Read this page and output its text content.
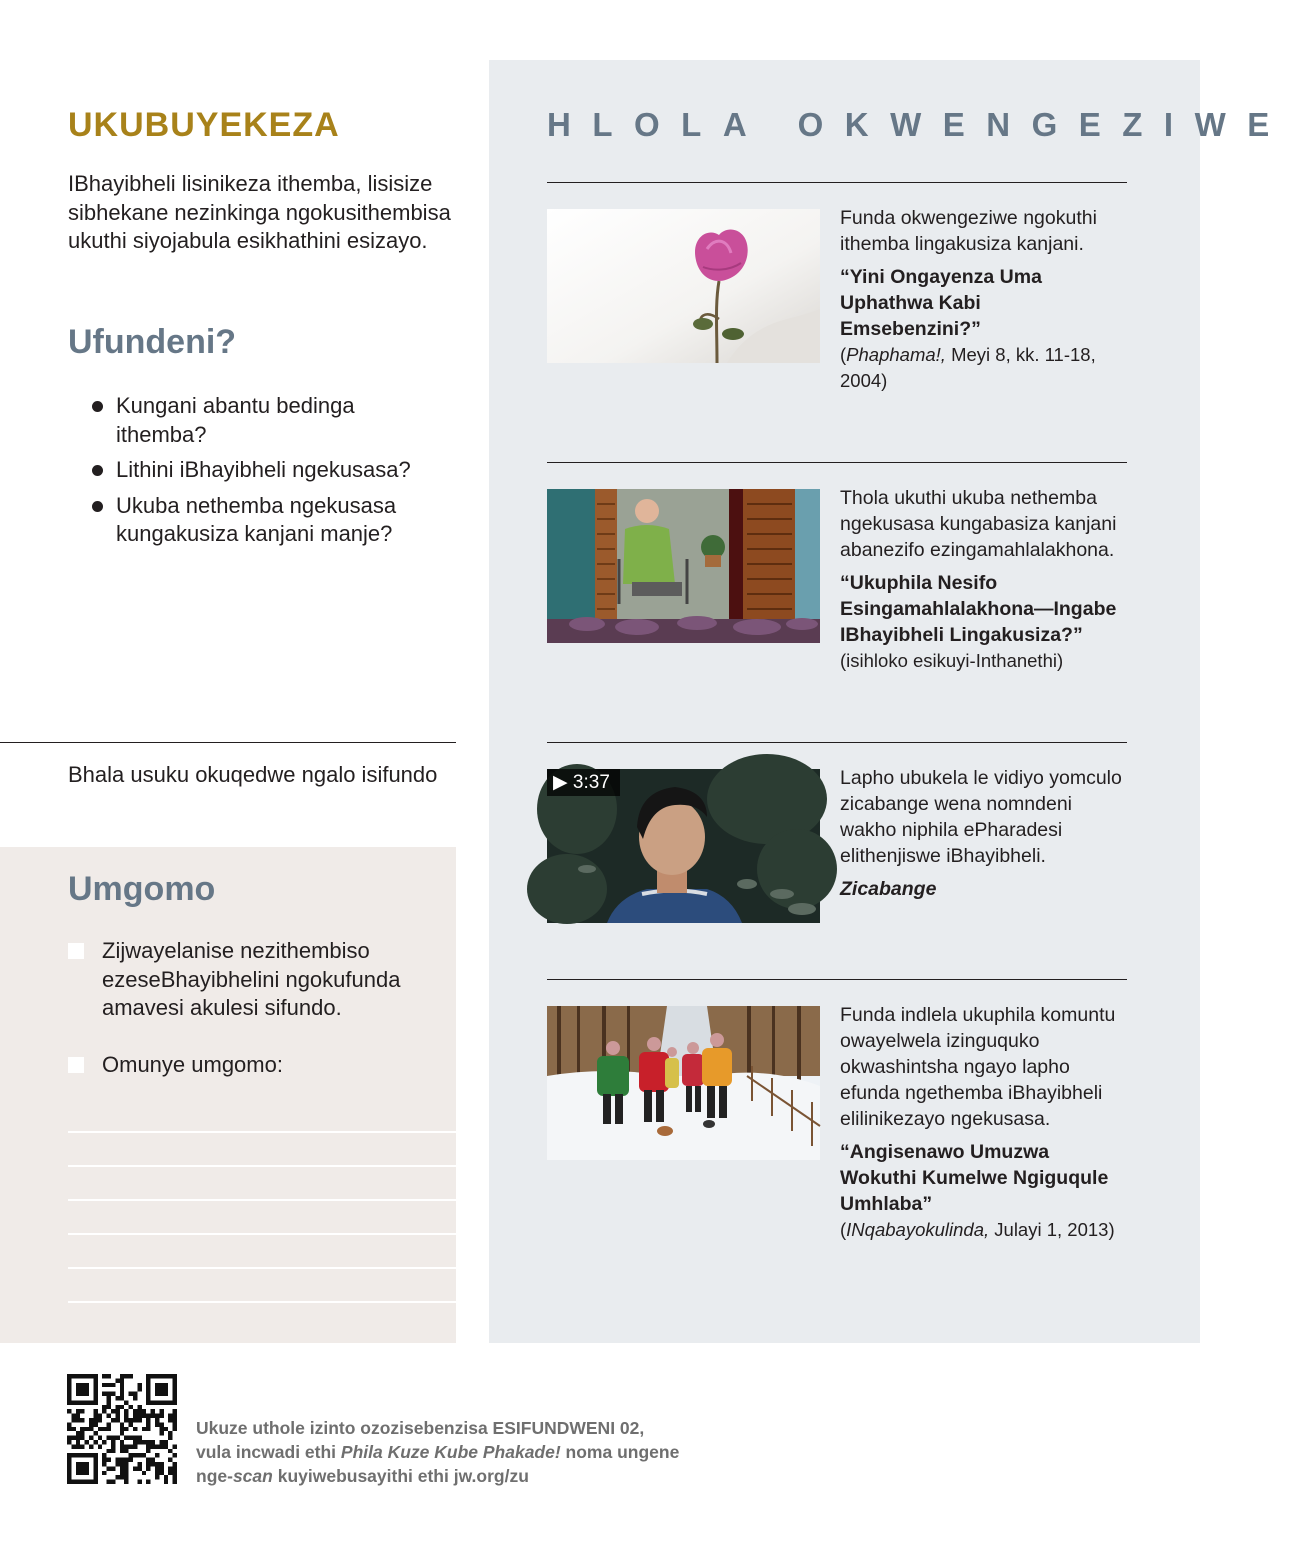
UKUBUYEKEZA

IBhayibheli lisinikeza ithemba, lisisize sibhekane nezinkinga ngokusithembisa ukuthi siyojabula esikhathini esizayo.

Ufundeni?
Kungani abantu bedinga ithemba?
Lithini iBhayibheli ngekusasa?
Ukuba nethemba ngekusasa kungakusiza kanjani manje?
Bhala usuku okuqedwe ngalo isifundo
Umgomo
Zijwayelanise nezithembiso ezeseBhayibhelini ngokufunda amavesi akulesi sifundo.
Omunye umgomo:
HLOLA OKWENGEZIWE

Funda okwengeziwe ngokuthi ithemba lingakusiza kanjani.

“Yini Ongayenza Uma Uphathwa Kabi Emsebenzini?”

(Phaphama!, Meyi 8, kk. 11-18, 2004)

Thola ukuthi ukuba nethemba ngekusasa kungabasiza kanjani abanezifo ezingamahlalakhona.

“Ukuphila Nesifo Esingamahlalakhona—Ingabe IBhayibheli Lingakusiza?”

(isihloko esikuyi-Inthanethi)

▶ 3:37	Lapho ubukela le vidiyo yomculo zicabange wena nomndeni wakho niphila ePharadesi elithenjiswe iBhayibheli.

Zicabange

Funda indlela ukuphila komuntu owayelwela izinguquko okwashintsha ngayo lapho efunda ngethemba iBhayibheli elilinikezayo ngekusasa.

“Angisenawo Umuzwa Wokuthi Kumelwe Ngiguqule Umhlaba”

(INqabayokulinda, Julayi 1, 2013)

Ukuze uthole izinto ozozisebenzisa ESIFUNDWENI 02,
vula incwadi ethi Phila Kuze Kube Phakade! noma ungene
nge-scan kuyiwebusayithi ethi jw.org/zu
